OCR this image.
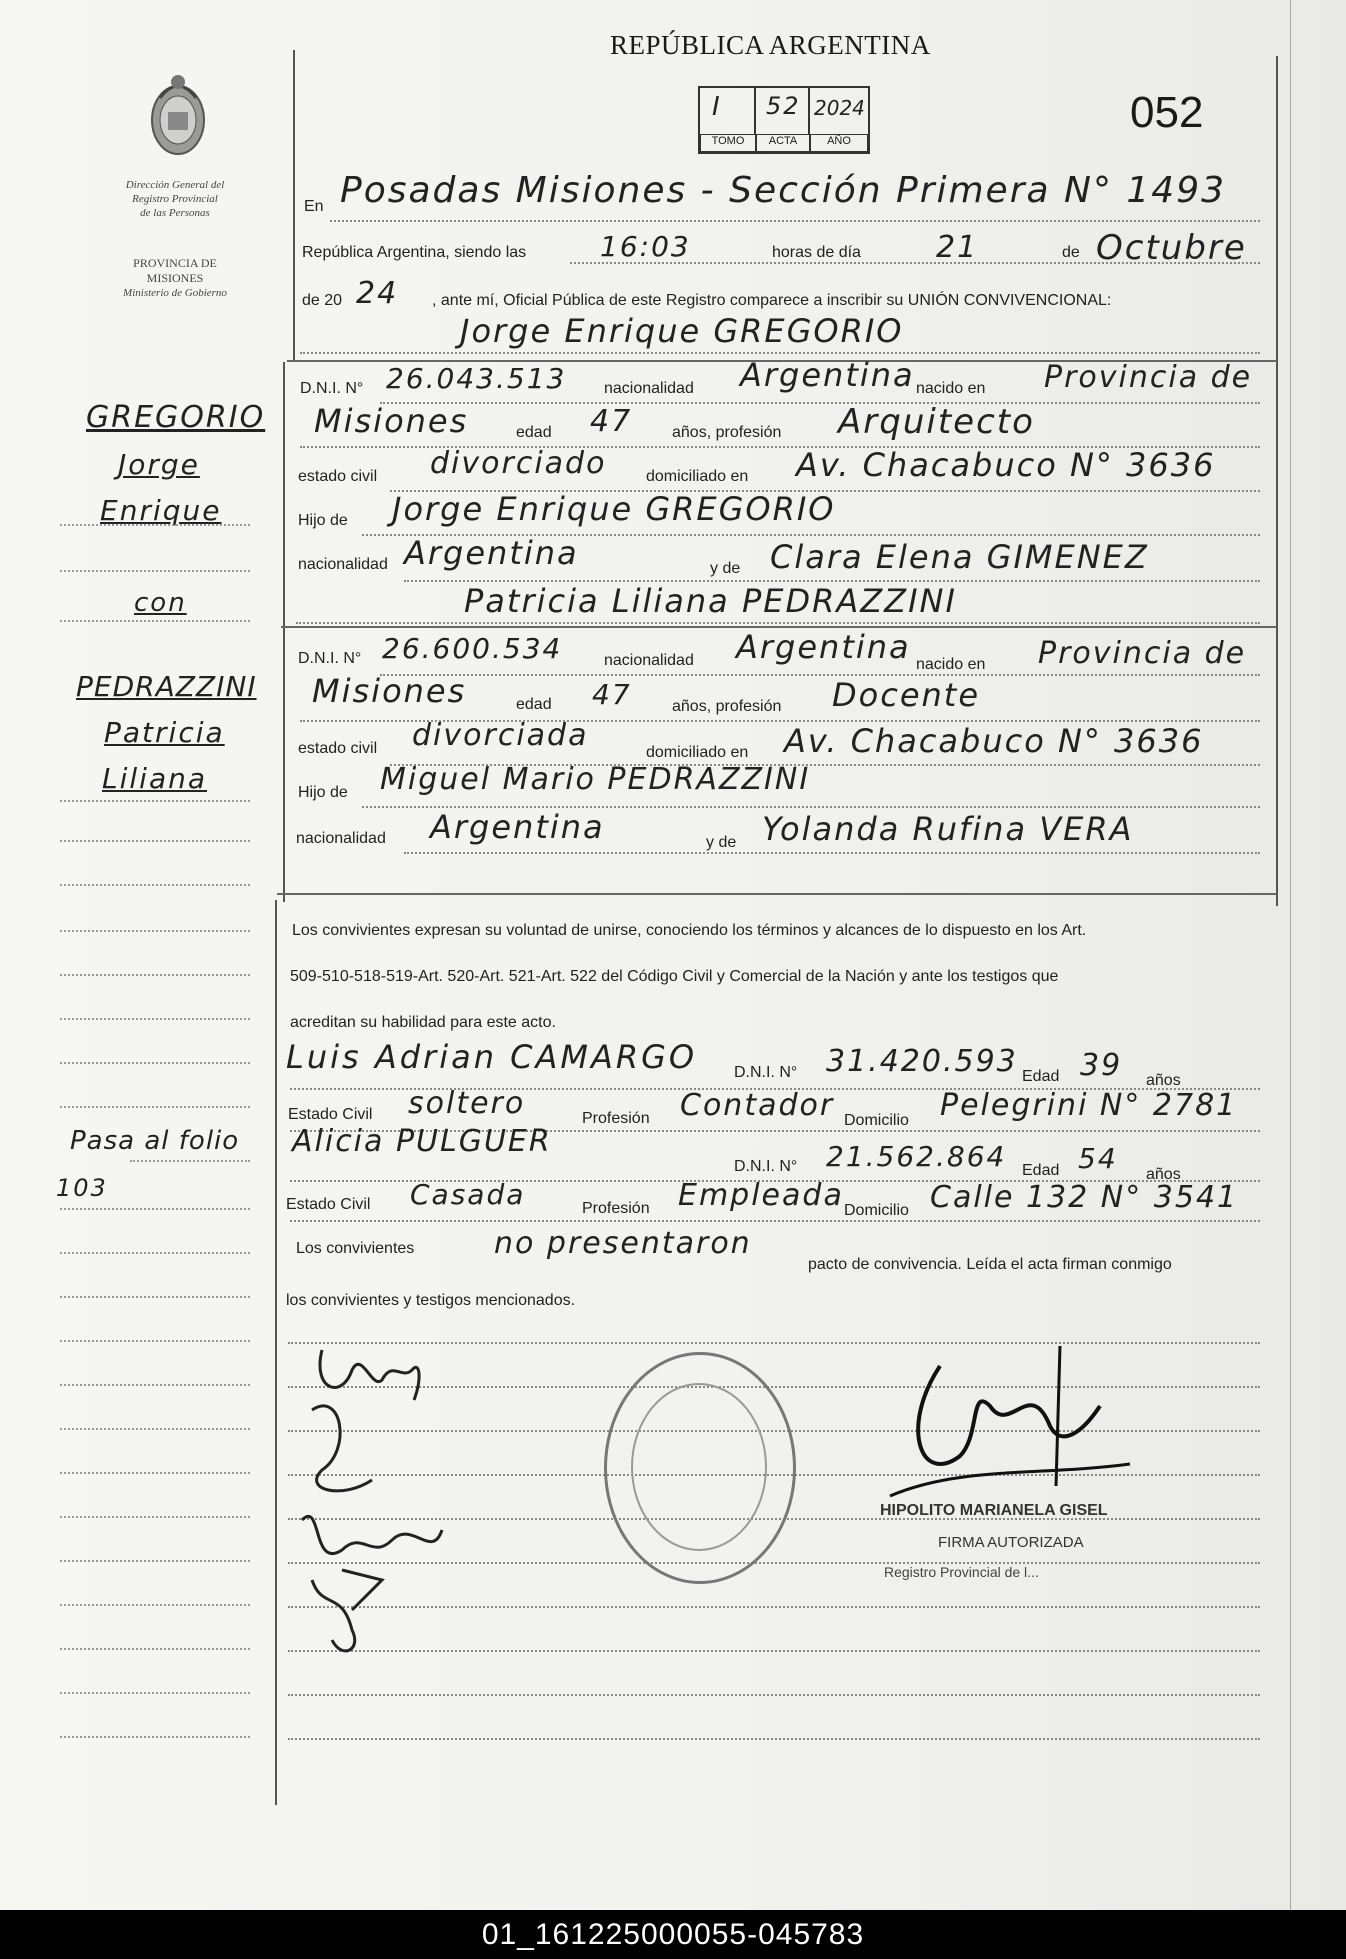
REPÚBLICA ARGENTINA
052
I 52 2024
TOMO	ACTA	AÑO
Dirección General del
Registro Provincial
de las Personas
PROVINCIA DE
MISIONES
Ministerio de Gobierno
En Posadas Misiones - Sección Primera N° 1493
República Argentina, siendo las	16:03	horas de día	21	de Octubre
de 20 24 , ante mí, Oficial Pública de este Registro comparece a inscribir su UNIÓN CONVIVENCIONAL:
Jorge Enrique GREGORIO
D.N.I. N° 26.043.513 nacionalidad Argentina nacido en Provincia de
Misiones	edad 47 años, profesión Arquitecto
estado civil divorciado domiciliado en Av. Chacabuco N° 3636
Hijo de Jorge Enrique GREGORIO
nacionalidad Argentina	y de Clara Elena GIMENEZ
Patricia Liliana PEDRAZZINI
D.N.I. N° 26.600.534	nacionalidad Argentina nacido en Provincia de
Misiones	edad 47	años, profesión Docente
estado civil divorciada	domiciliado en Av. Chacabuco N° 3636
Hijo de Miguel Mario PEDRAZZINI
nacionalidad Argentina	y de Yolanda Rufina VERA
Los convivientes expresan su voluntad de unirse, conociendo los términos y alcances de lo dispuesto en los Art.
509-510-518-519-Art. 520-Art. 521-Art. 522 del Código Civil y Comercial de la Nación y ante los testigos que
acreditan su habilidad para este acto.
Luis Adrian CAMARGO D.N.I. N° 31.420.593 Edad 39 años
Estado Civil soltero	Profesión Contador Domicilio Pelegrini N° 2781
Alicia PULGUER
D.N.I. N° 21.562.864 Edad 54 años
Estado Civil Casada	Profesión Empleada Domicilio Calle 132 N° 3541
Los convivientes	no presentaron
pacto de convivencia. Leída el acta firman conmigo
los convivientes y testigos mencionados.
HIPOLITO MARIANELA GISEL
FIRMA AUTORIZADA
Registro Provincial de l...
GREGORIO
Jorge
Enrique
con
PEDRAZZINI
Patricia
Liliana
Pasa al folio
103
01_161225000055-045783
